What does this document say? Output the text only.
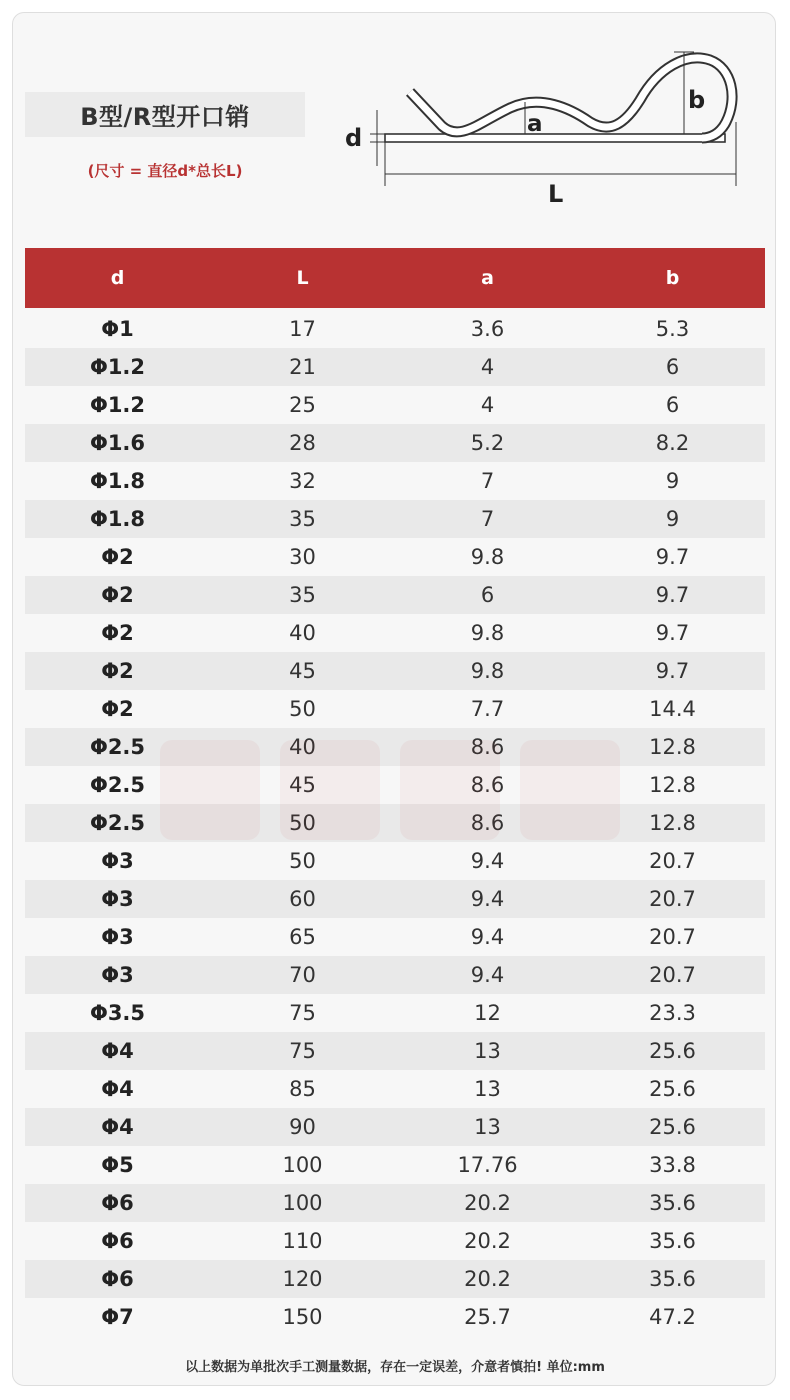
B型/R型开口销
(尺寸 = 直径d*总长L)
d	a
b
L
d	L	a	b
Φ1	17	3.6	5.3
Φ1.2	21	4	6
Φ1.2	25	4	6
Φ1.6	28	5.2	8.2
Φ1.8	32	7	9
Φ1.8	35	7	9
Φ2	30	9.8	9.7
Φ2	35	6	9.7
Φ2	40	9.8	9.7
Φ2	45	9.8	9.7
Φ2	50	7.7	14.4
Φ2.5	40	8.6	12.8
Φ2.5	45	8.6	12.8
Φ2.5	50	8.6	12.8
Φ3	50	9.4	20.7
Φ3	60	9.4	20.7
Φ3	65	9.4	20.7
Φ3	70	9.4	20.7
Φ3.5	75	12	23.3
Φ4	75	13	25.6
Φ4	85	13	25.6
Φ4	90	13	25.6
Φ5	100	17.76	33.8
Φ6	100	20.2	35.6
Φ6	110	20.2	35.6
Φ6	120	20.2	35.6
Φ7	150	25.7	47.2
以上数据为单批次手工测量数据，存在一定误差，介意者慎拍! 单位:mm
